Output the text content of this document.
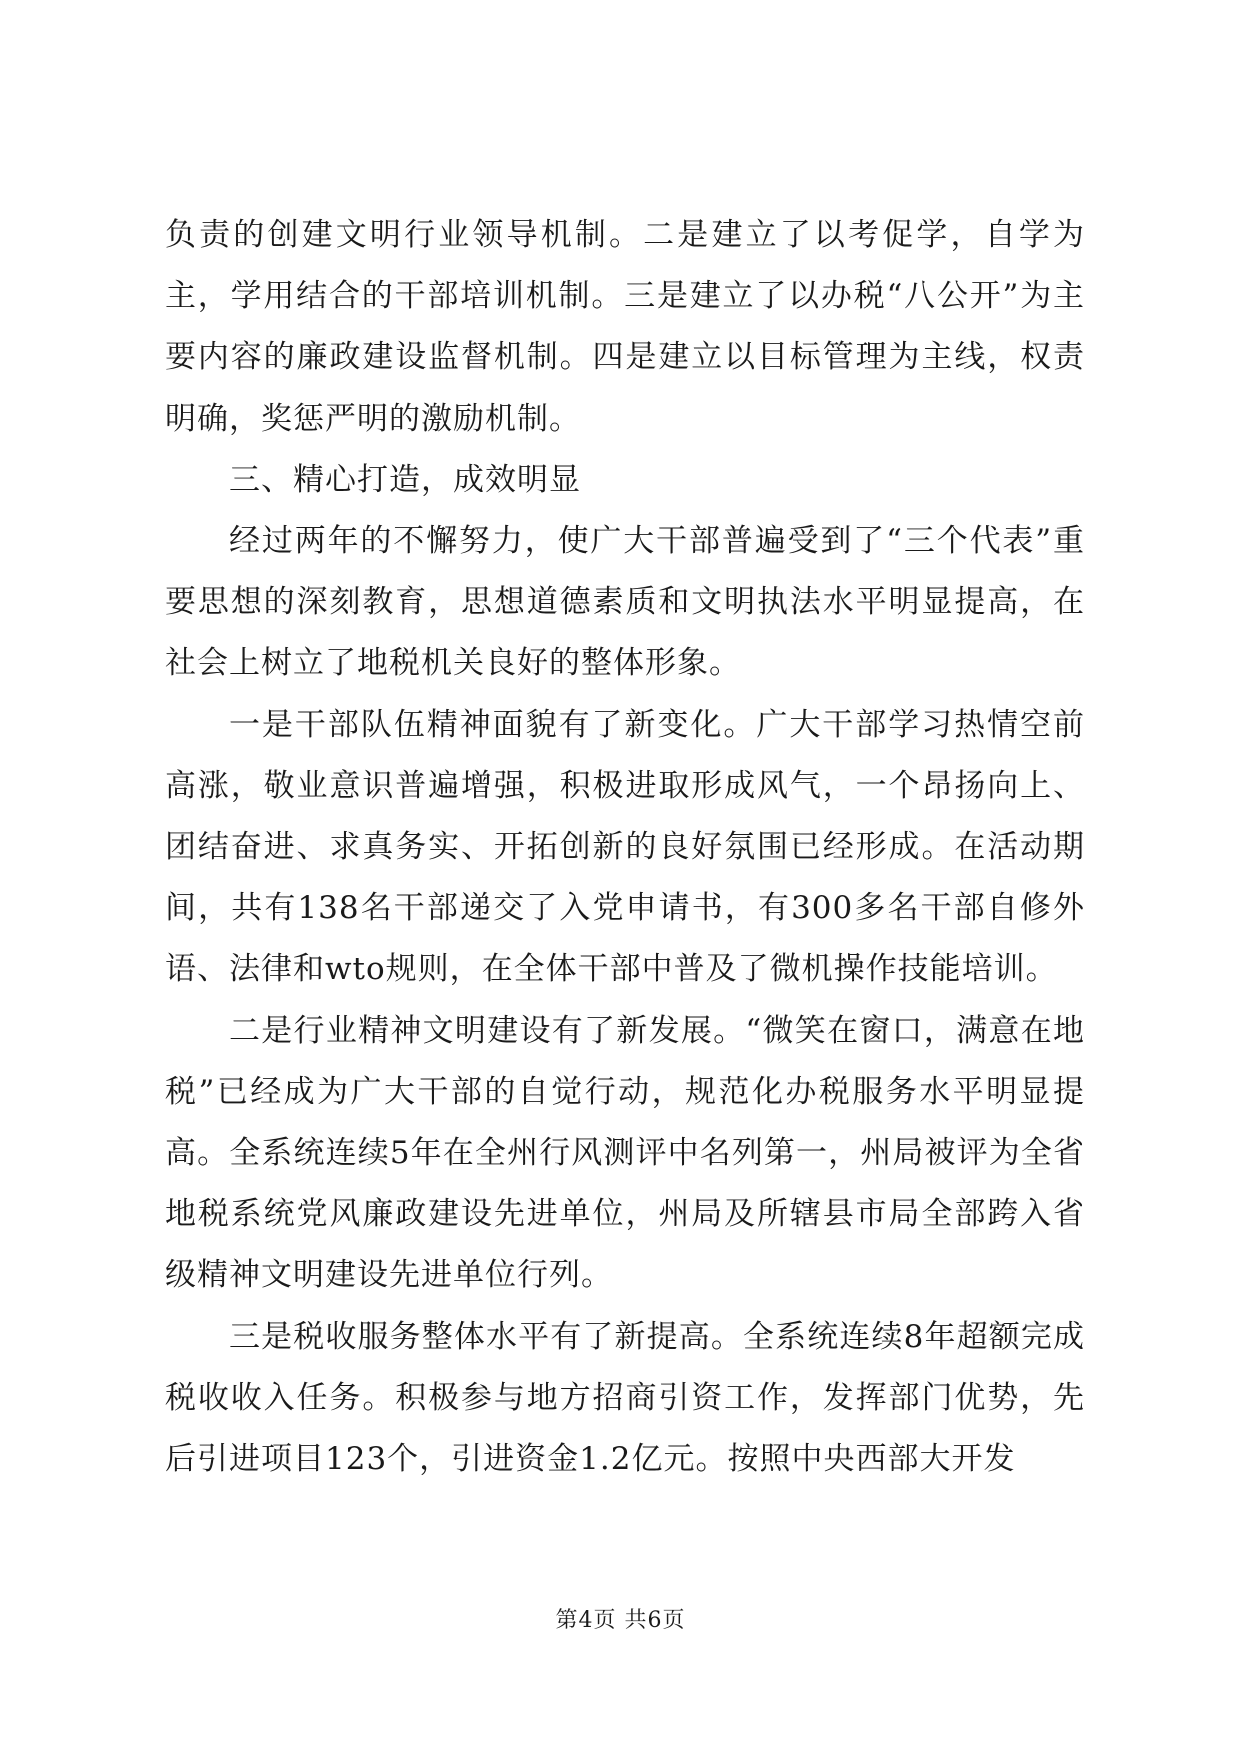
负责的创建文明行业领导机制。二是建立了以考促学，自学为主，学用结合的干部培训机制。三是建立了以办税“八公开”为主要内容的廉政建设监督机制。四是建立以目标管理为主线，权责明确，奖惩严明的激励机制。

三、精心打造，成效明显

经过两年的不懈努力，使广大干部普遍受到了“三个代表”重要思想的深刻教育，思想道德素质和文明执法水平明显提高，在社会上树立了地税机关良好的整体形象。

一是干部队伍精神面貌有了新变化。广大干部学习热情空前高涨，敬业意识普遍增强，积极进取形成风气，一个昂扬向上、团结奋进、求真务实、开拓创新的良好氛围已经形成。在活动期间，共有138名干部递交了入党申请书，有300多名干部自修外语、法律和wto规则，在全体干部中普及了微机操作技能培训。

二是行业精神文明建设有了新发展。“微笑在窗口，满意在地税”已经成为广大干部的自觉行动，规范化办税服务水平明显提高。全系统连续5年在全州行风测评中名列第一，州局被评为全省地税系统党风廉政建设先进单位，州局及所辖县市局全部跨入省级精神文明建设先进单位行列。

三是税收服务整体水平有了新提高。全系统连续8年超额完成税收收入任务。积极参与地方招商引资工作，发挥部门优势，先后引进项目123个，引进资金1.2亿元。按照中央西部大开发

第4页 共6页
